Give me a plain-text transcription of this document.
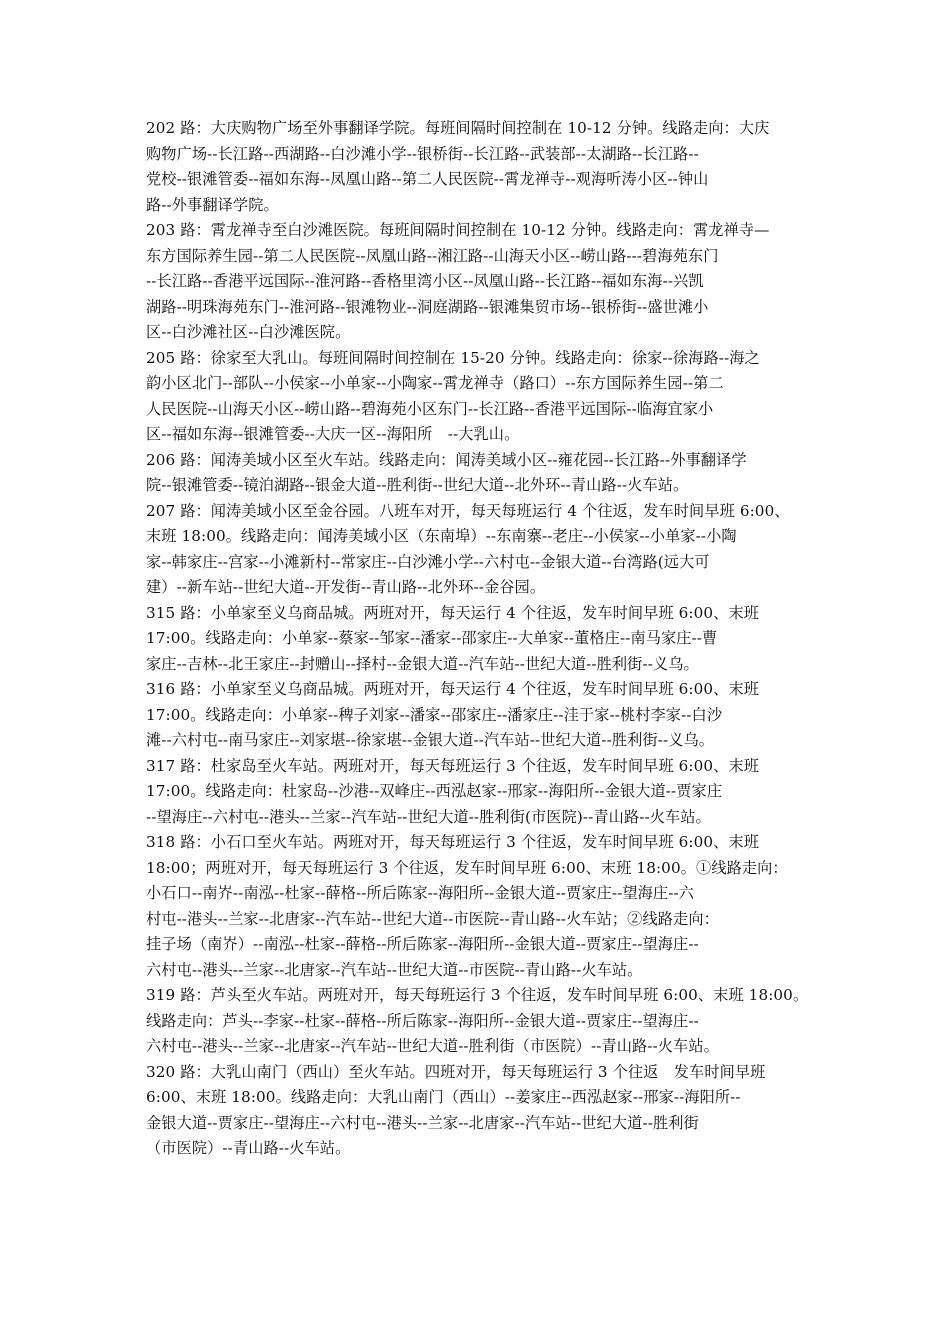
202 路：大庆购物广场至外事翻译学院。每班间隔时间控制在 10-12 分钟。线路走向：大庆
购物广场--长江路--西湖路--白沙滩小学--银桥街--长江路--武装部--太湖路--长江路--
党校--银滩管委--福如东海--凤凰山路--第二人民医院--霄龙禅寺--观海听涛小区--钟山
路--外事翻译学院。
203 路：霄龙禅寺至白沙滩医院。每班间隔时间控制在 10-12 分钟。线路走向：霄龙禅寺—
东方国际养生园--第二人民医院--凤凰山路--湘江路--山海天小区--崂山路---碧海苑东门
--长江路--香港平远国际--淮河路--香格里湾小区--凤凰山路--长江路--福如东海--兴凯
湖路--明珠海苑东门--淮河路--银滩物业--洞庭湖路--银滩集贸市场--银桥街--盛世滩小
区--白沙滩社区--白沙滩医院。
205 路：徐家至大乳山。每班间隔时间控制在 15-20 分钟。线路走向：徐家--徐海路--海之
韵小区北门--部队--小侯家--小单家--小陶家--霄龙禅寺（路口）--东方国际养生园--第二
人民医院--山海天小区--崂山路--碧海苑小区东门--长江路--香港平远国际--临海宜家小
区--福如东海--银滩管委--大庆一区--海阳所　--大乳山。
206 路：闻涛美域小区至火车站。线路走向：闻涛美域小区--雍花园--长江路--外事翻译学
院--银滩管委--镜泊湖路--银金大道--胜利街--世纪大道--北外环--青山路--火车站。
207 路：闻涛美域小区至金谷园。八班车对开，每天每班运行 4 个往返，发车时间早班 6:00、
末班 18:00。线路走向：闻涛美域小区（东南埠）--东南寨--老庄--小侯家--小单家--小陶
家--韩家庄--宫家--小滩新村--常家庄--白沙滩小学--六村屯--金银大道--台湾路(远大可
建）--新车站--世纪大道--开发街--青山路--北外环--金谷园。
315 路：小单家至义乌商品城。两班对开，每天运行 4 个往返，发车时间早班 6:00、末班
17:00。线路走向：小单家--蔡家--邹家--潘家--邵家庄--大单家--董格庄--南马家庄--曹
家庄--吉林--北王家庄--封赠山--择村--金银大道--汽车站--世纪大道--胜利街--义乌。
316 路：小单家至义乌商品城。两班对开，每天运行 4 个往返，发车时间早班 6:00、末班
17:00。线路走向：小单家--稗子刘家--潘家--邵家庄--潘家庄--洼于家--桃村李家--白沙
滩--六村屯--南马家庄--刘家堪--徐家堪--金银大道--汽车站--世纪大道--胜利街--义乌。
317 路：杜家岛至火车站。两班对开，每天每班运行 3 个往返，发车时间早班 6:00、末班
17:00。线路走向：杜家岛--沙港--双峰庄--西泓赵家--邢家--海阳所--金银大道--贾家庄
--望海庄--六村屯--港头--兰家--汽车站--世纪大道--胜利街(市医院)--青山路--火车站。
318 路：小石口至火车站。两班对开，每天每班运行 3 个往返，发车时间早班 6:00、末班
18:00；两班对开，每天每班运行 3 个往返，发车时间早班 6:00、末班 18:00。①线路走向：
小石口--南岕--南泓--杜家--薛格--所后陈家--海阳所--金银大道--贾家庄--望海庄--六
村屯--港头--兰家--北唐家--汽车站--世纪大道--市医院--青山路--火车站；②线路走向：
挂子场（南岕）--南泓--杜家--薛格--所后陈家--海阳所--金银大道--贾家庄--望海庄--
六村屯--港头--兰家--北唐家--汽车站--世纪大道--市医院--青山路--火车站。
319 路：芦头至火车站。两班对开，每天每班运行 3 个往返，发车时间早班 6:00、末班 18:00。
线路走向：芦头--李家--杜家--薛格--所后陈家--海阳所--金银大道--贾家庄--望海庄--
六村屯--港头--兰家--北唐家--汽车站--世纪大道--胜利街（市医院）--青山路--火车站。
320 路：大乳山南门（西山）至火车站。四班对开，每天每班运行 3 个往返　发车时间早班
6:00、末班 18:00。线路走向：大乳山南门（西山）--姜家庄--西泓赵家--邢家--海阳所--
金银大道--贾家庄--望海庄--六村屯--港头--兰家--北唐家--汽车站--世纪大道--胜利街
（市医院）--青山路--火车站。
